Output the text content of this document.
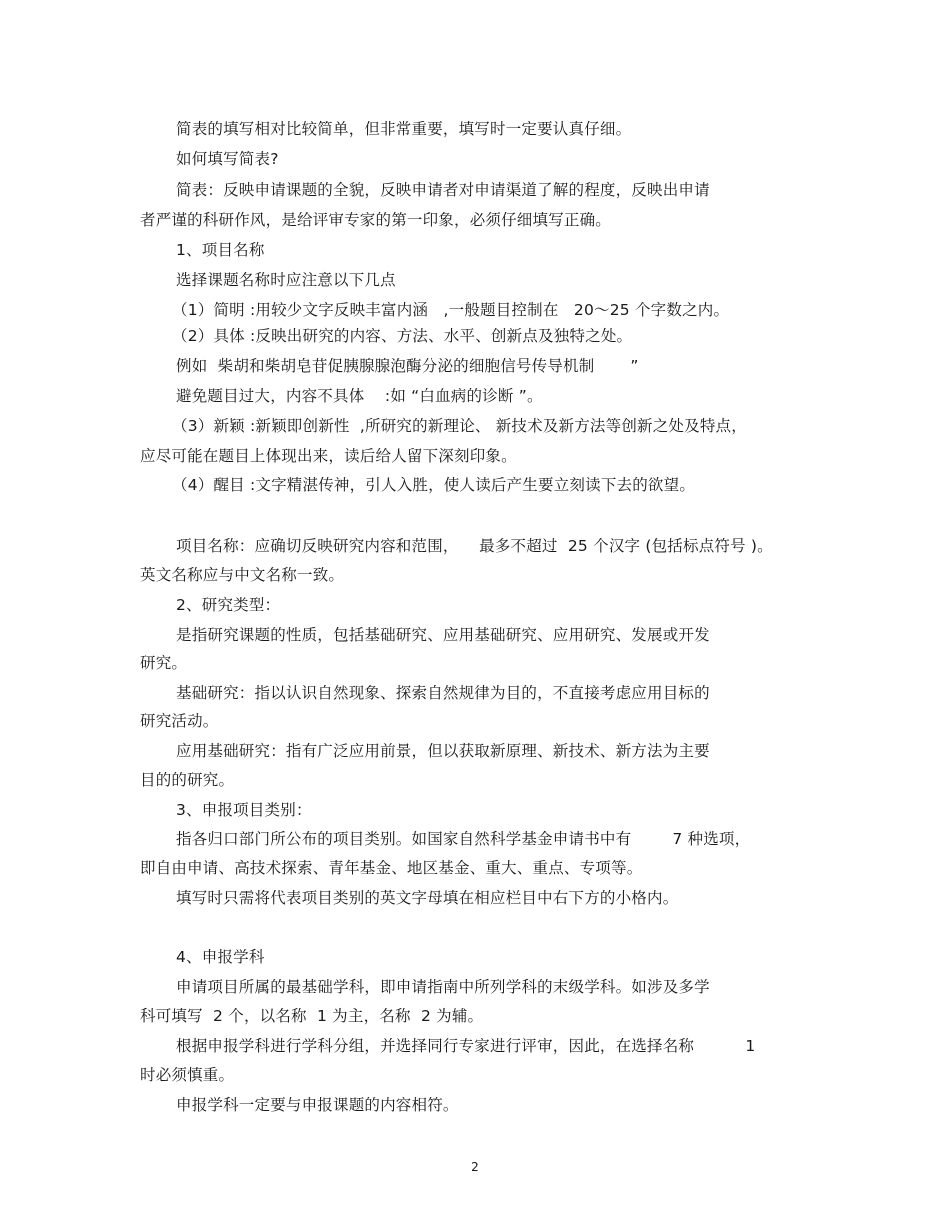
简表的填写相对比较简单，但非常重要，填写时一定要认真仔细。
如何填写简表?
简表：反映申请课题的全貌，反映申请者对申请渠道了解的程度，反映出申请
者严谨的科研作风，是给评审专家的第一印象，必须仔细填写正确。
1、项目名称
选择课题名称时应注意以下几点
（1）简明 :用较少文字反映丰富内涵   ,一般题目控制在   20～25 个字数之内。
（2）具体 :反映出研究的内容、方法、水平、创新点及独特之处。
例如  柴胡和柴胡皂苷促胰腺腺泡酶分泌的细胞信号传导机制       ”
避免题目过大，内容不具体    :如 “白血病的诊断 ”。
（3）新颖 :新颖即创新性  ,所研究的新理论、 新技术及新方法等创新之处及特点，
应尽可能在题目上体现出来，读后给人留下深刻印象。
（4）醒目 :文字精湛传神，引人入胜，使人读后产生要立刻读下去的欲望。
项目名称：应确切反映研究内容和范围，    最多不超过  25 个汉字 (包括标点符号 )。
英文名称应与中文名称一致。
2、研究类型：
是指研究课题的性质，包括基础研究、应用基础研究、应用研究、发展或开发
研究。
基础研究：指以认识自然现象、探索自然规律为目的，不直接考虑应用目标的
研究活动。
应用基础研究：指有广泛应用前景，但以获取新原理、新技术、新方法为主要
目的的研究。
3、申报项目类别：
指各归口部门所公布的项目类别。如国家自然科学基金申请书中有        7 种选项，
即自由申请、高技术探索、青年基金、地区基金、重大、重点、专项等。
填写时只需将代表项目类别的英文字母填在相应栏目中右下方的小格内。
4、申报学科
申请项目所属的最基础学科，即申请指南中所列学科的末级学科。如涉及多学
科可填写  2 个，以名称  1 为主，名称  2 为辅。
根据申报学科进行学科分组，并选择同行专家进行评审，因此，在选择名称          1
时必须慎重。
申报学科一定要与申报课题的内容相符。
2
